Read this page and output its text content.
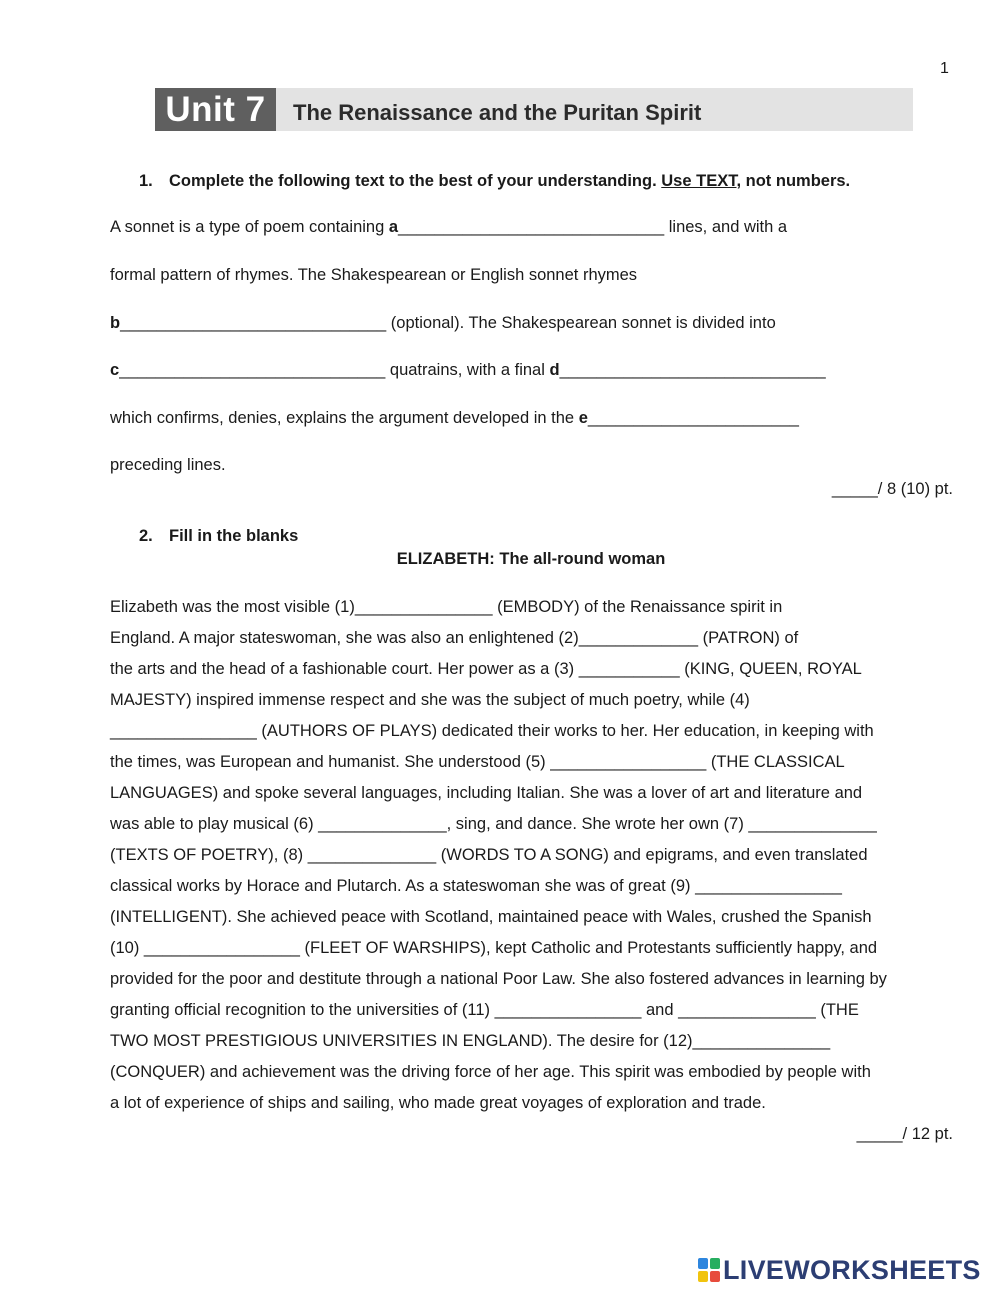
1
Unit 7	The Renaissance and the Puritan Spirit
1. Complete the following text to the best of your understanding. Use TEXT, not numbers.
A sonnet is a type of poem containing a_____________________________ lines, and with a
formal pattern of rhymes. The Shakespearean or English sonnet rhymes
b_____________________________ (optional). The Shakespearean sonnet is divided into
c_____________________________ quatrains, with a final d_____________________________
which confirms, denies, explains the argument developed in the e_______________________
preceding lines.
_____/ 8 (10) pt.
2. Fill in the blanks
ELIZABETH: The all-round woman
Elizabeth was the most visible (1)_______________ (EMBODY) of the Renaissance spirit in
England. A major stateswoman, she was also an enlightened (2)_____________ (PATRON) of
the arts and the head of a fashionable court. Her power as a (3) ___________ (KING, QUEEN, ROYAL
MAJESTY) inspired immense respect and she was the subject of much poetry, while (4)
________________ (AUTHORS OF PLAYS) dedicated their works to her. Her education, in keeping with
the times, was European and humanist. She understood (5) _________________ (THE CLASSICAL
LANGUAGES) and spoke several languages, including Italian. She was a lover of art and literature and
was able to play musical (6) ______________, sing, and dance. She wrote her own (7) ______________
(TEXTS OF POETRY), (8) ______________ (WORDS TO A SONG) and epigrams, and even translated
classical works by Horace and Plutarch. As a stateswoman she was of great (9) ________________
(INTELLIGENT). She achieved peace with Scotland, maintained peace with Wales, crushed the Spanish
(10) _________________ (FLEET OF WARSHIPS), kept Catholic and Protestants sufficiently happy, and
provided for the poor and destitute through a national Poor Law. She also fostered advances in learning by
granting official recognition to the universities of (11) ________________ and _______________ (THE
TWO MOST PRESTIGIOUS UNIVERSITIES IN ENGLAND). The desire for (12)_______________
(CONQUER) and achievement was the driving force of her age. This spirit was embodied by people with
a lot of experience of ships and sailing, who made great voyages of exploration and trade.
_____/ 12 pt.
LIVEWORKSHEETS
